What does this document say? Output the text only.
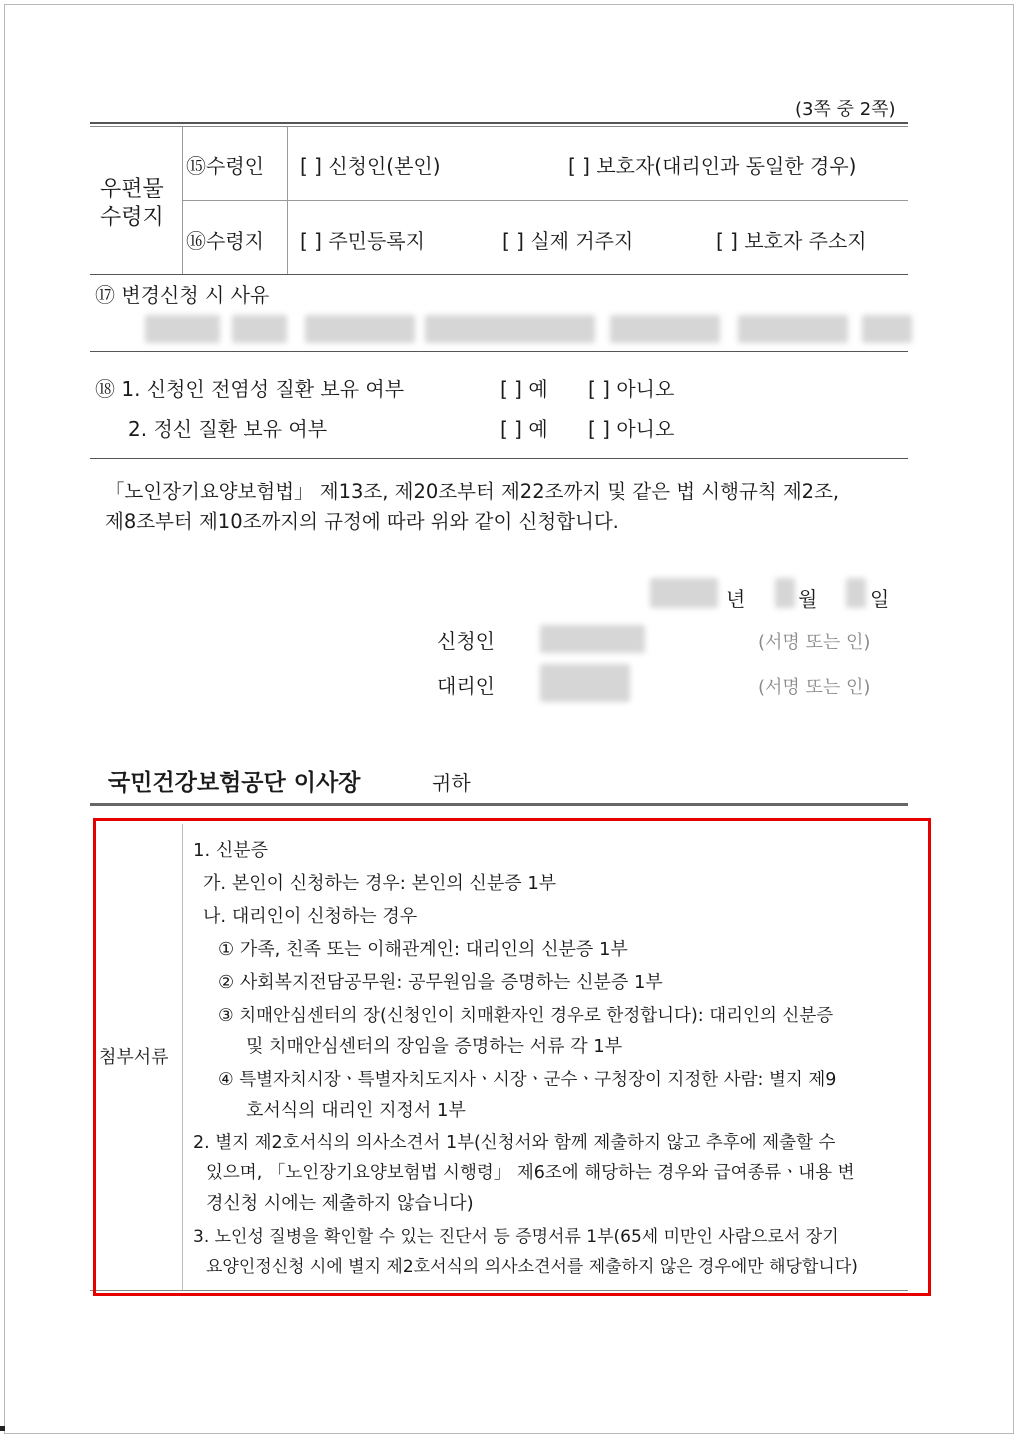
(3쪽 중 2쪽)
우편물
수령지
⑮수령인 [ ] 신청인(본인)	[ ] 보호자(대리인과 동일한 경우)
⑯수령지 [ ] 주민등록지	[ ] 실제 거주지	[ ] 보호자 주소지
⑰ 변경신청 시 사유
⑱ 1. 신청인 전염성 질환 보유 여부	[ ] 예 [ ] 아니오
2. 정신 질환 보유 여부	[ ] 예 [ ] 아니오
「노인장기요양보험법」 제13조, 제20조부터 제22조까지 및 같은 법 시행규칙 제2조,
제8조부터 제10조까지의 규정에 따라 위와 같이 신청합니다.
년	월	일
신청인	(서명 또는 인)
대리인	(서명 또는 인)
국민건강보험공단 이사장	귀하
첨부서류
1. 신분증
가. 본인이 신청하는 경우: 본인의 신분증 1부
나. 대리인이 신청하는 경우
① 가족, 친족 또는 이해관계인: 대리인의 신분증 1부
② 사회복지전담공무원: 공무원임을 증명하는 신분증 1부
③ 치매안심센터의 장(신청인이 치매환자인 경우로 한정합니다): 대리인의 신분증
및 치매안심센터의 장임을 증명하는 서류 각 1부
④ 특별자치시장ㆍ특별자치도지사ㆍ시장ㆍ군수ㆍ구청장이 지정한 사람: 별지 제9
호서식의 대리인 지정서 1부
2. 별지 제2호서식의 의사소견서 1부(신청서와 함께 제출하지 않고 추후에 제출할 수
있으며, 「노인장기요양보험법 시행령」 제6조에 해당하는 경우와 급여종류ㆍ내용 변
경신청 시에는 제출하지 않습니다)
3. 노인성 질병을 확인할 수 있는 진단서 등 증명서류 1부(65세 미만인 사람으로서 장기
요양인정신청 시에 별지 제2호서식의 의사소견서를 제출하지 않은 경우에만 해당합니다)
